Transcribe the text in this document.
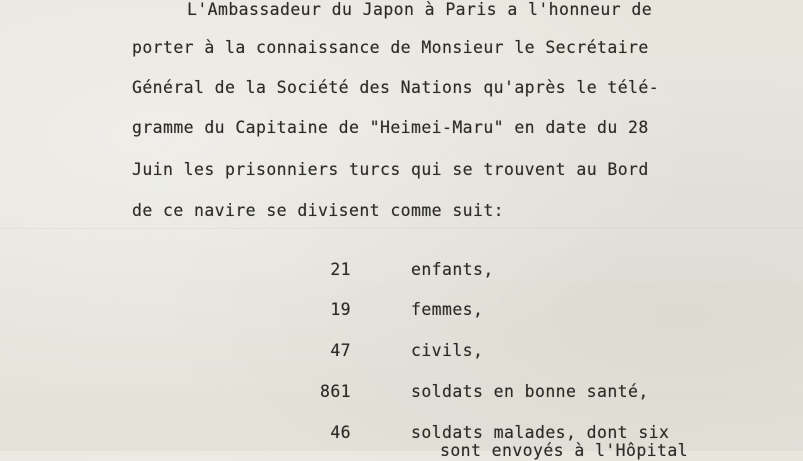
L'Ambassadeur du Japon à Paris a l'honneur de
porter à la connaissance de Monsieur le Secrétaire
Général de la Société des Nations qu'après le télé-
gramme du Capitaine de "Heimei-Maru" en date du 28
Juin les prisonniers turcs qui se trouvent au Bord
de ce navire se divisent comme suit:
21	enfants,
19	femmes,
47	civils,
861	soldats en bonne santé,
46	soldats malades, dont six
sont envoyés à l'Hôpital
